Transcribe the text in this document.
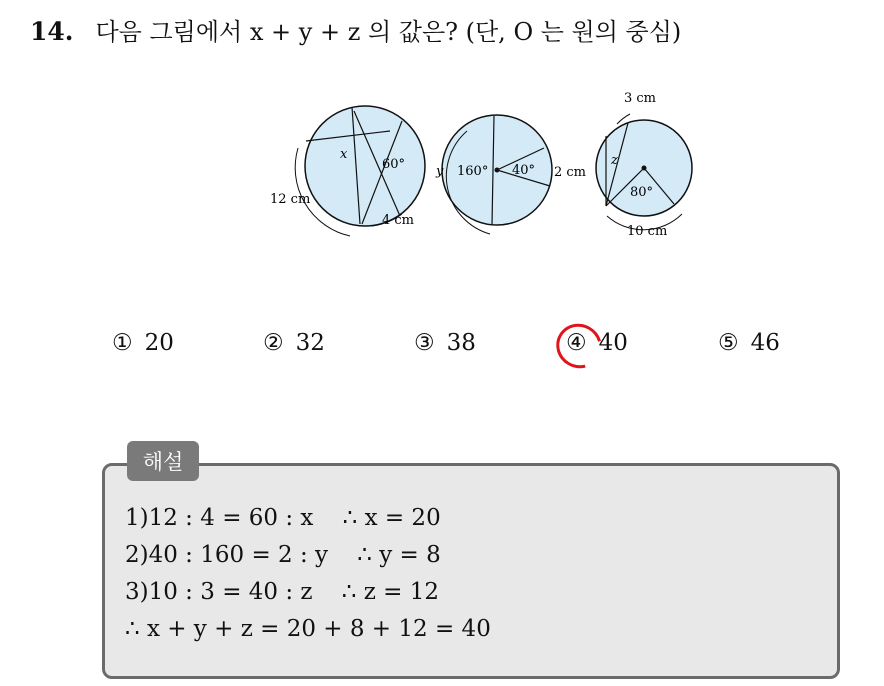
14. 다음 그림에서 x + y + z 의 값은? (단, O 는 원의 중심)
x
60°
12 cm
4 cm
y 160° 40° 2 cm
3 cm
z
80°
10 cm
① 20	② 32	③ 38	④ 40	⑤ 46
해설
1)12 : 4 = 60 : x    ∴ x = 20
2)40 : 160 = 2 : y    ∴ y = 8
3)10 : 3 = 40 : z    ∴ z = 12
∴ x + y + z = 20 + 8 + 12 = 40
